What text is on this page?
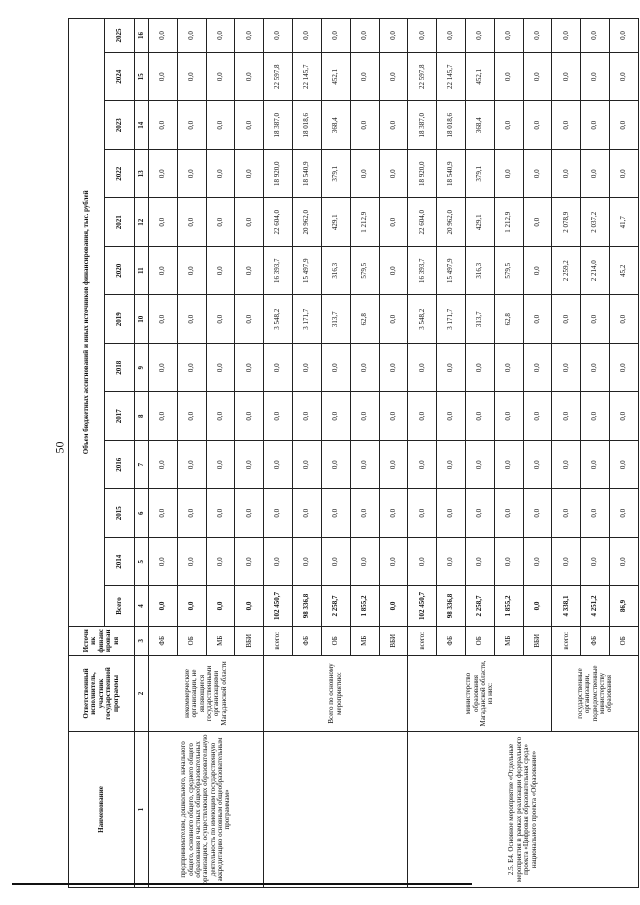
50
Наименование	Ответственный исполнитель, участник государственной программы	Источник финансирования	Объем бюджетных ассигнований и иных источников финансирования, тыс. рублей												
			Всего	2014	2015	2016	2017	2018	2019	2020	2021	2022	2023	2024	2025
1	2	3	4	5	6	7	8	9	10	11	12	13	14	15	16
предпринимателям, дошкольного, начального общего, основного общего, среднего общего образования в частных общеобразовательных организациях, осуществляющих образовательную деятельность по имеющим государственную аккредитацию основным общеобразовательным программам»	некоммерческие организации, не являющиеся государственными организациями Магаданской области	ФБ	0,0	0,0	0,0	0,0	0,0	0,0	0,0	0,0	0,0	0,0	0,0	0,0	0,0
		ОБ	0,0	0,0	0,0	0,0	0,0	0,0	0,0	0,0	0,0	0,0	0,0	0,0	0,0
		МБ	0,0	0,0	0,0	0,0	0,0	0,0	0,0	0,0	0,0	0,0	0,0	0,0	0,0
		ВБИ	0,0	0,0	0,0	0,0	0,0	0,0	0,0	0,0	0,0	0,0	0,0	0,0	0,0
	Всего по основному мероприятию:	всего:	102 450,7	0,0	0,0	0,0	0,0	0,0	3 548,2	16 393,7	22 604,0	18 920,0	18 387,0	22 597,8	0,0
		ФБ	98 336,8	0,0	0,0	0,0	0,0	0,0	3 171,7	15 497,9	20 962,0	18 540,9	18 018,6	22 145,7	0,0
		ОБ	2 258,7	0,0	0,0	0,0	0,0	0,0	313,7	316,3	429,1	379,1	368,4	452,1	0,0
		МБ	1 855,2	0,0	0,0	0,0	0,0	0,0	62,8	579,5	1 212,9	0,0	0,0	0,0	0,0
		ВБИ	0,0	0,0	0,0	0,0	0,0	0,0	0,0	0,0	0,0	0,0	0,0	0,0	0,0
2.5. Е4. Основное мероприятие «Отдельные мероприятия в рамках реализации федерального проекта «Цифровая образовательная среда» национального проекта «Образование»	министерство образования Магаданской области, из них:	всего:	102 450,7	0,0	0,0	0,0	0,0	0,0	3 548,2	16 393,7	22 604,0	18 920,0	18 387,0	22 597,8	0,0
		ФБ	98 336,8	0,0	0,0	0,0	0,0	0,0	3 171,7	15 497,9	20 962,0	18 540,9	18 018,6	22 145,7	0,0
		ОБ	2 258,7	0,0	0,0	0,0	0,0	0,0	313,7	316,3	429,1	379,1	368,4	452,1	0,0
		МБ	1 855,2	0,0	0,0	0,0	0,0	0,0	62,8	579,5	1 212,9	0,0	0,0	0,0	0,0
		ВБИ	0,0	0,0	0,0	0,0	0,0	0,0	0,0	0,0	0,0	0,0	0,0	0,0	0,0
	государственные организации, подведомственные министерству образования	всего:	4 338,1	0,0	0,0	0,0	0,0	0,0	0,0	2 259,2	2 078,9	0,0	0,0	0,0	0,0
		ФБ	4 251,2	0,0	0,0	0,0	0,0	0,0	0,0	2 214,0	2 037,2	0,0	0,0	0,0	0,0
		ОБ	86,9	0,0	0,0	0,0	0,0	0,0	0,0	45,2	41,7	0,0	0,0	0,0	0,0
